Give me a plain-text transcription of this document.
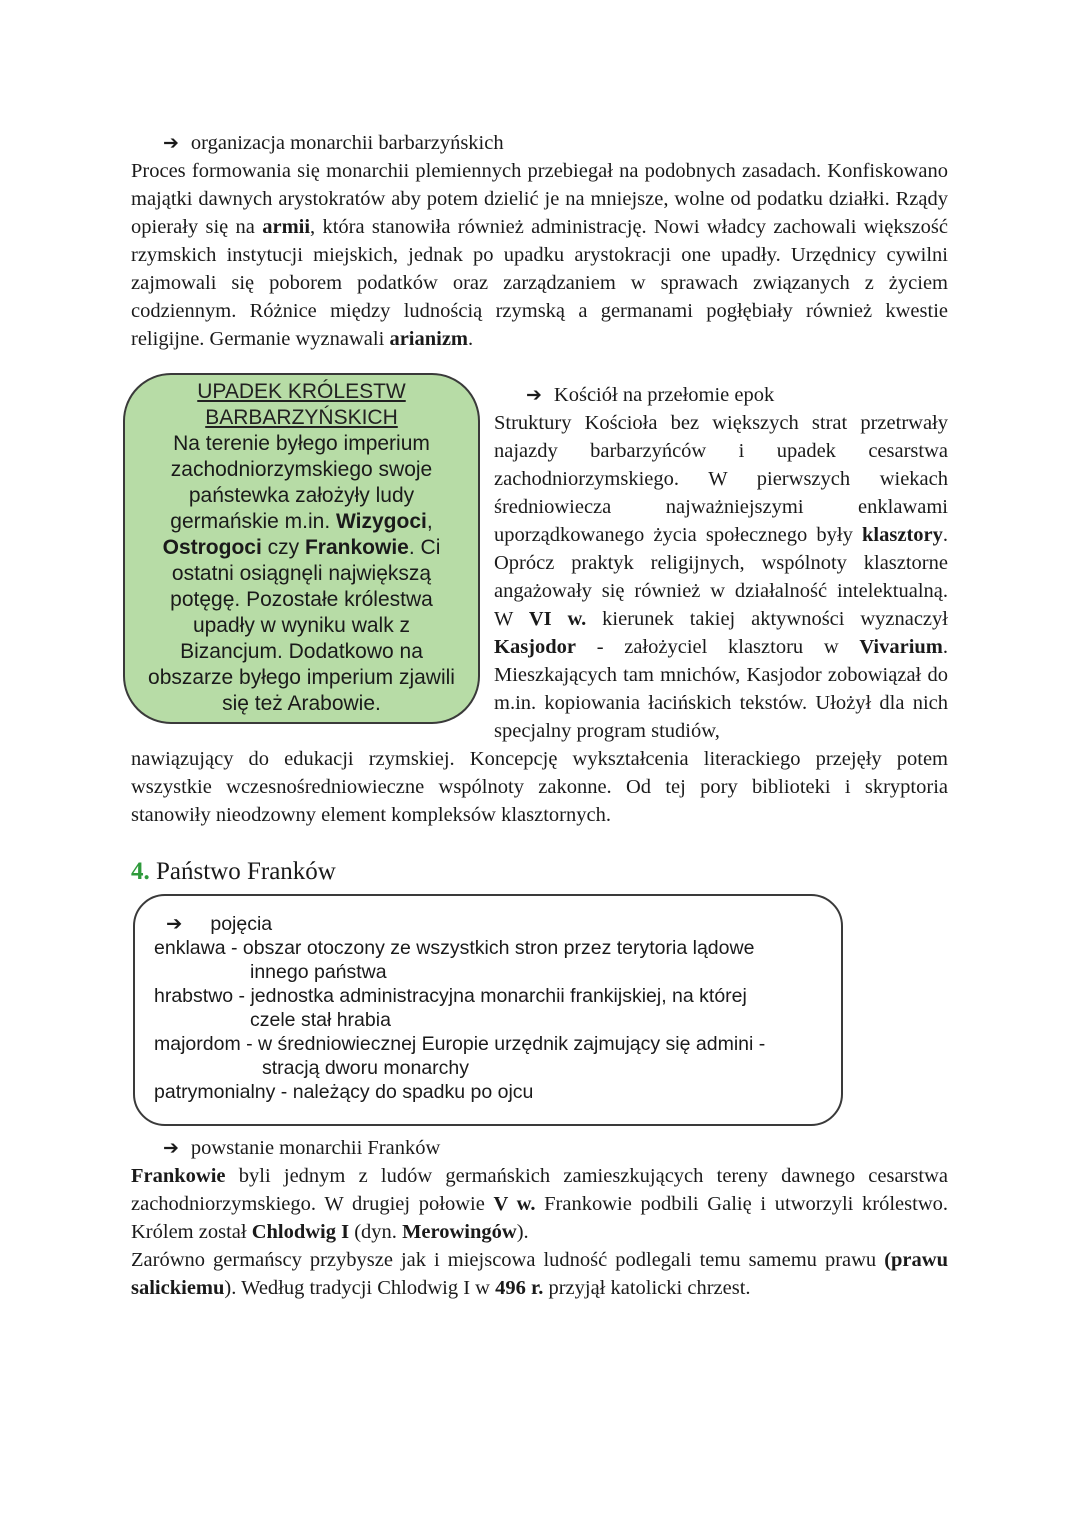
➔ organizacja monarchii barbarzyńskich

Proces formowania się monarchii plemiennych przebiegał na podobnych zasadach. Konfiskowano majątki dawnych arystokratów aby potem dzielić je na mniejsze, wolne od podatku działki. Rządy opierały się na armii, która stanowiła również administrację. Nowi władcy zachowali większość rzymskich instytucji miejskich, jednak po upadku arystokracji one upadły. Urzędnicy cywilni zajmowali się poborem podatków oraz zarządzaniem w sprawach związanych z życiem codziennym. Różnice między ludnością rzymską a germanami pogłębiały również kwestie religijne. Germanie wyznawali arianizm.

UPADEK KRÓLESTW
BARBARZYŃSKICH

Na terenie byłego imperium zachodniorzymskiego swoje państewka założyły ludy germańskie m.in. Wizygoci, Ostrogoci czy Frankowie. Ci ostatni osiągnęli największą potęgę. Pozostałe królestwa upadły w wyniku walk z Bizancjum. Dodatkowo na obszarze byłego imperium zjawili się też Arabowie.

➔ Kościół na przełomie epok

Struktury Kościoła bez większych strat przetrwały najazdy barbarzyńców i upadek cesarstwa zachodniorzymskiego. W pierwszych wiekach średniowiecza najważniejszymi enklawami uporządkowanego życia społecznego były klasztory. Oprócz praktyk religijnych, wspólnoty klasztorne angażowały się również w działalność intelektualną. W VI w. kierunek takiej aktywności wyznaczył Kasjodor - założyciel klasztoru w Vivarium. Mieszkających tam mnichów, Kasjodor zobowiązał do m.in. kopiowania łacińskich tekstów. Ułożył dla nich specjalny program studiów,

nawiązujący do edukacji rzymskiej. Koncepcję wykształcenia literackiego przejęły potem wszystkie wczesnośredniowieczne wspólnoty zakonne. Od tej pory biblioteki i skryptoria stanowiły nieodzowny element kompleksów klasztornych.

4. Państwo Franków
➔ pojęcia
enklawa - obszar otoczony ze wszystkich stron przez terytoria lądowe
innego państwa
hrabstwo - jednostka administracyjna monarchii frankijskiej, na której
czele stał hrabia
majordom - w średniowiecznej Europie urzędnik zajmujący się admini -
stracją dworu monarchy
patrymonialny - należący do spadku po ojcu
➔ powstanie monarchii Franków

Frankowie byli jednym z ludów germańskich zamieszkujących tereny dawnego cesarstwa zachodniorzymskiego. W drugiej połowie V w. Frankowie podbili Galię i utworzyli królestwo. Królem został Chlodwig I (dyn. Merowingów).

Zarówno germańscy przybysze jak i miejscowa ludność podlegali temu samemu prawu (prawu salickiemu). Według tradycji Chlodwig I w 496 r. przyjął katolicki chrzest.
